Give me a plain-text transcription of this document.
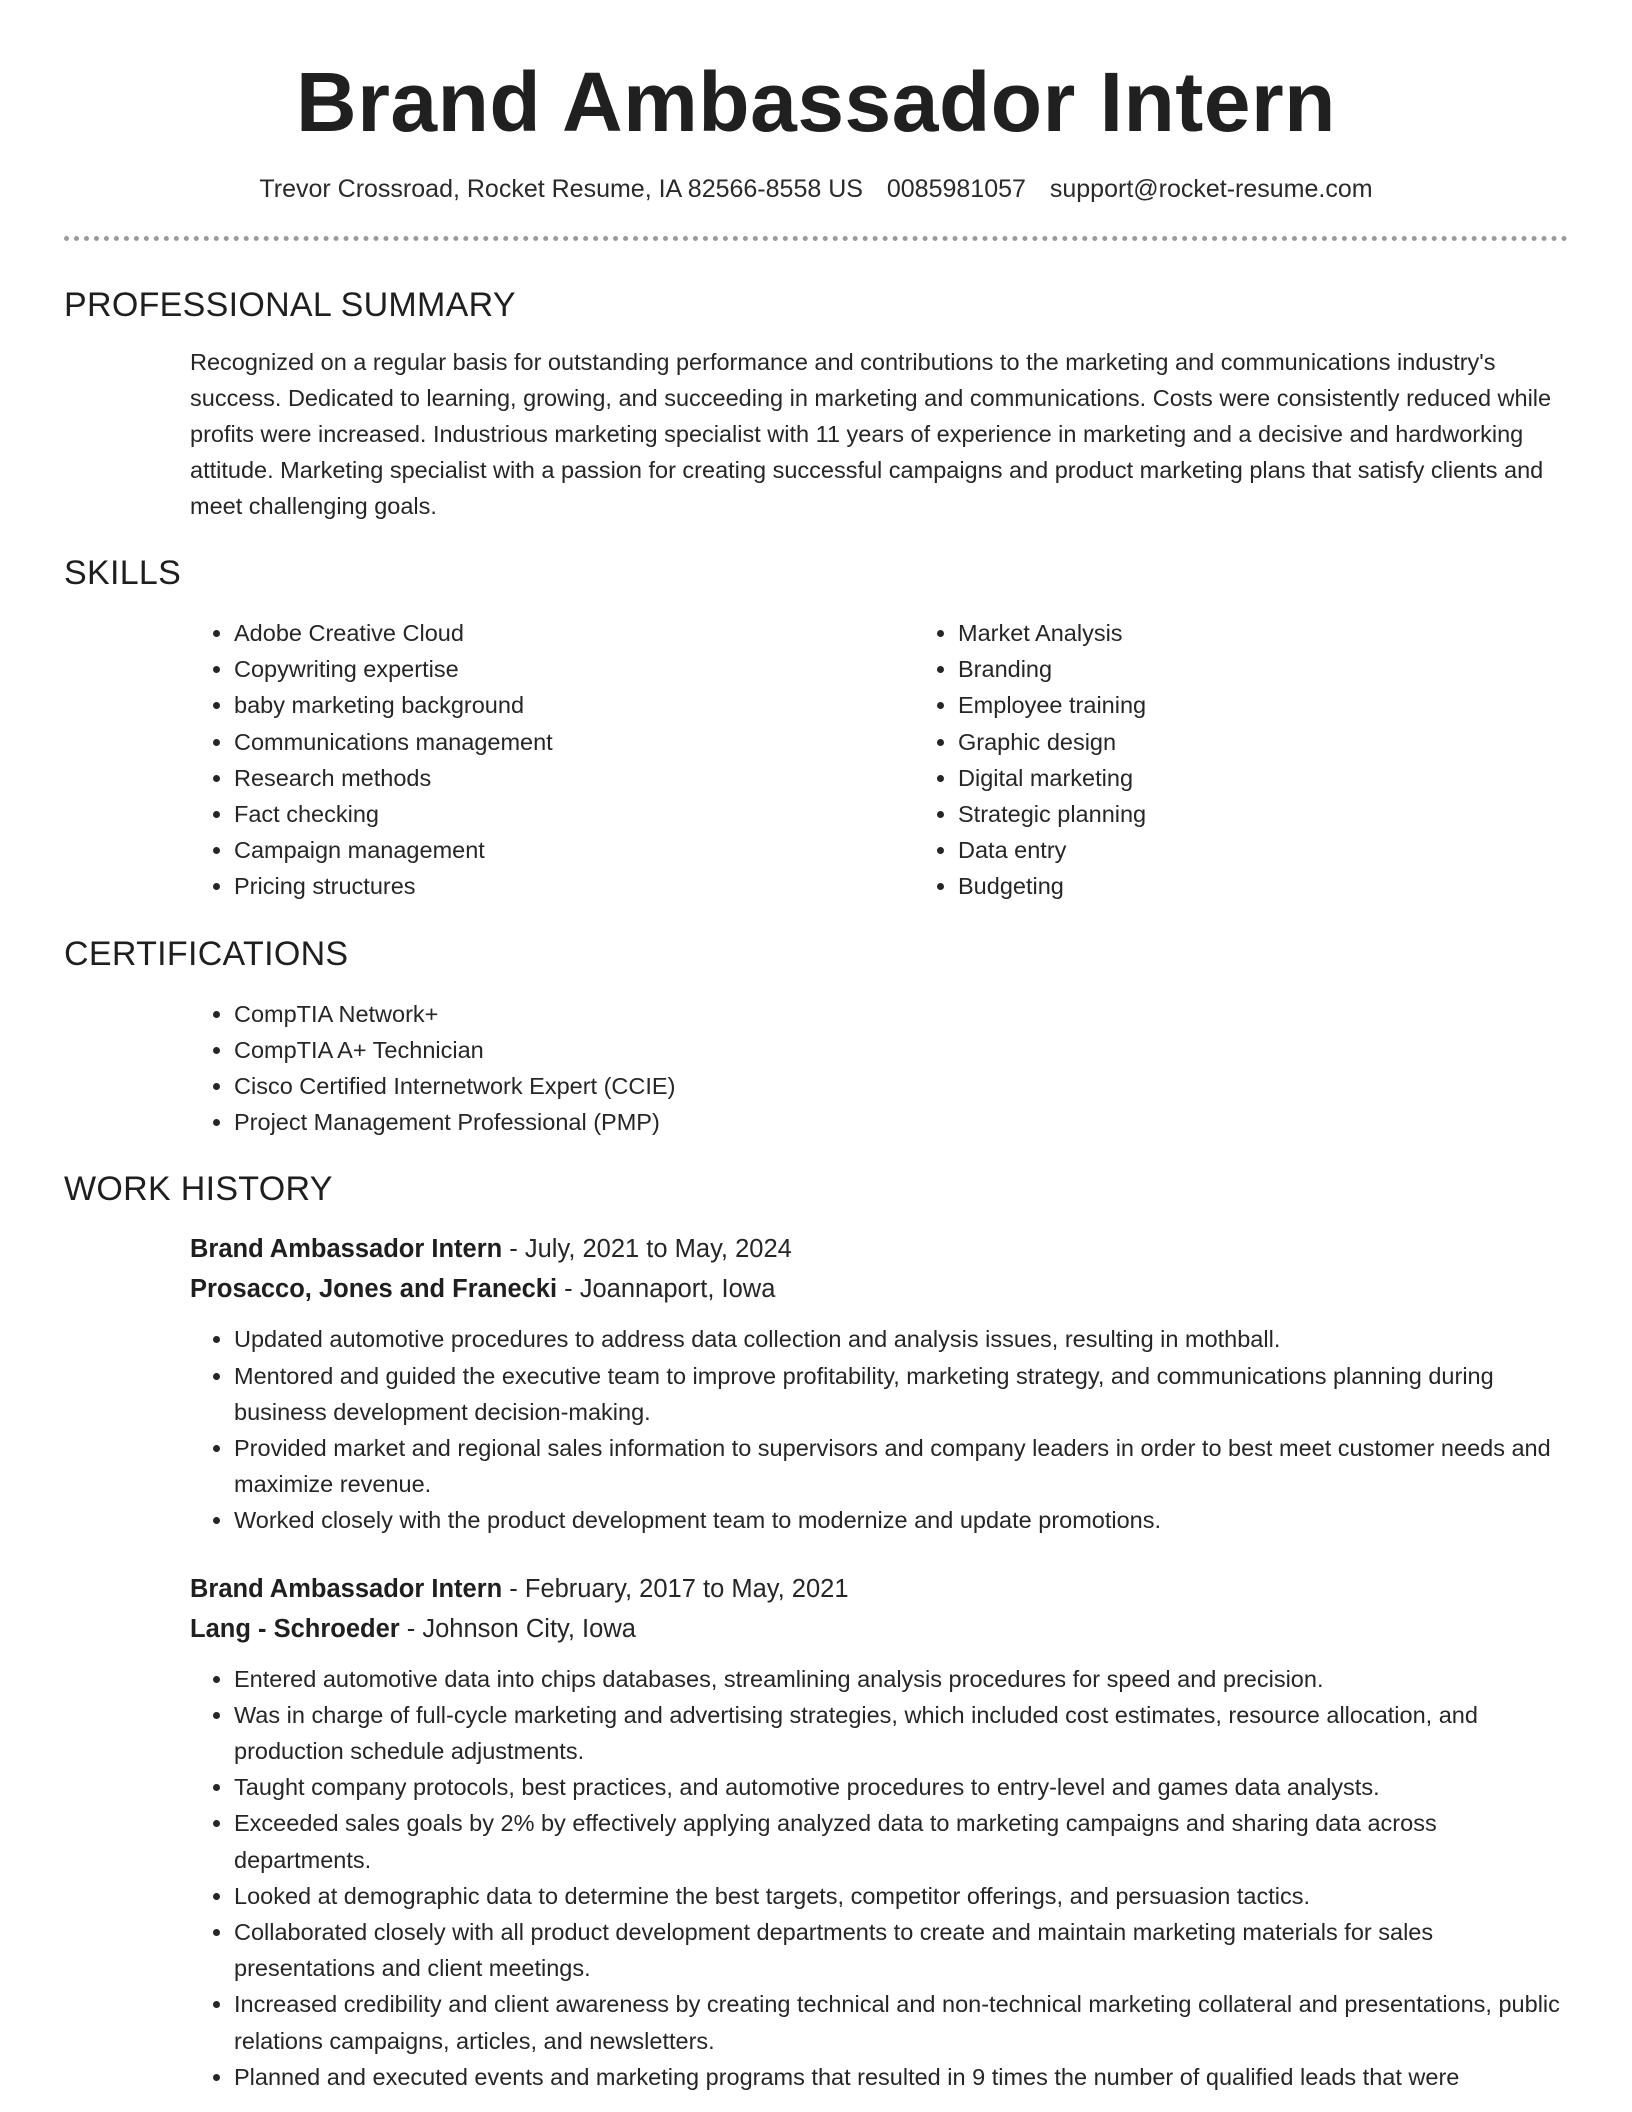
Brand Ambassador Intern
Trevor Crossroad, Rocket Resume, IA 82566-8558 US 0085981057 support@rocket-resume.com
PROFESSIONAL SUMMARY

Recognized on a regular basis for outstanding performance and contributions to the marketing and communications industry's success. Dedicated to learning, growing, and succeeding in marketing and communications. Costs were consistently reduced while profits were increased. Industrious marketing specialist with 11 years of experience in marketing and a decisive and hardworking attitude. Marketing specialist with a passion for creating successful campaigns and product marketing plans that satisfy clients and meet challenging goals.

SKILLS
• Adobe Creative Cloud
• Copywriting expertise
• baby marketing background
• Communications management
• Research methods
• Fact checking
• Campaign management
• Pricing structures
• Market Analysis
• Branding
• Employee training
• Graphic design
• Digital marketing
• Strategic planning
• Data entry
• Budgeting
CERTIFICATIONS
• CompTIA Network+
• CompTIA A+ Technician
• Cisco Certified Internetwork Expert (CCIE)
• Project Management Professional (PMP)
WORK HISTORY
Brand Ambassador Intern - July, 2021 to May, 2024
Prosacco, Jones and Franecki - Joannaport, Iowa
• Updated automotive procedures to address data collection and analysis issues, resulting in mothball.
• Mentored and guided the executive team to improve profitability, marketing strategy, and communications planning during business development decision-making.
• Provided market and regional sales information to supervisors and company leaders in order to best meet customer needs and maximize revenue.
• Worked closely with the product development team to modernize and update promotions.
Brand Ambassador Intern - February, 2017 to May, 2021
Lang - Schroeder - Johnson City, Iowa
• Entered automotive data into chips databases, streamlining analysis procedures for speed and precision.
• Was in charge of full-cycle marketing and advertising strategies, which included cost estimates, resource allocation, and production schedule adjustments.
• Taught company protocols, best practices, and automotive procedures to entry-level and games data analysts.
• Exceeded sales goals by 2% by effectively applying analyzed data to marketing campaigns and sharing data across departments.
• Looked at demographic data to determine the best targets, competitor offerings, and persuasion tactics.
• Collaborated closely with all product development departments to create and maintain marketing materials for sales presentations and client meetings.
• Increased credibility and client awareness by creating technical and non-technical marketing collateral and presentations, public relations campaigns, articles, and newsletters.
• Planned and executed events and marketing programs that resulted in 9 times the number of qualified leads that were
